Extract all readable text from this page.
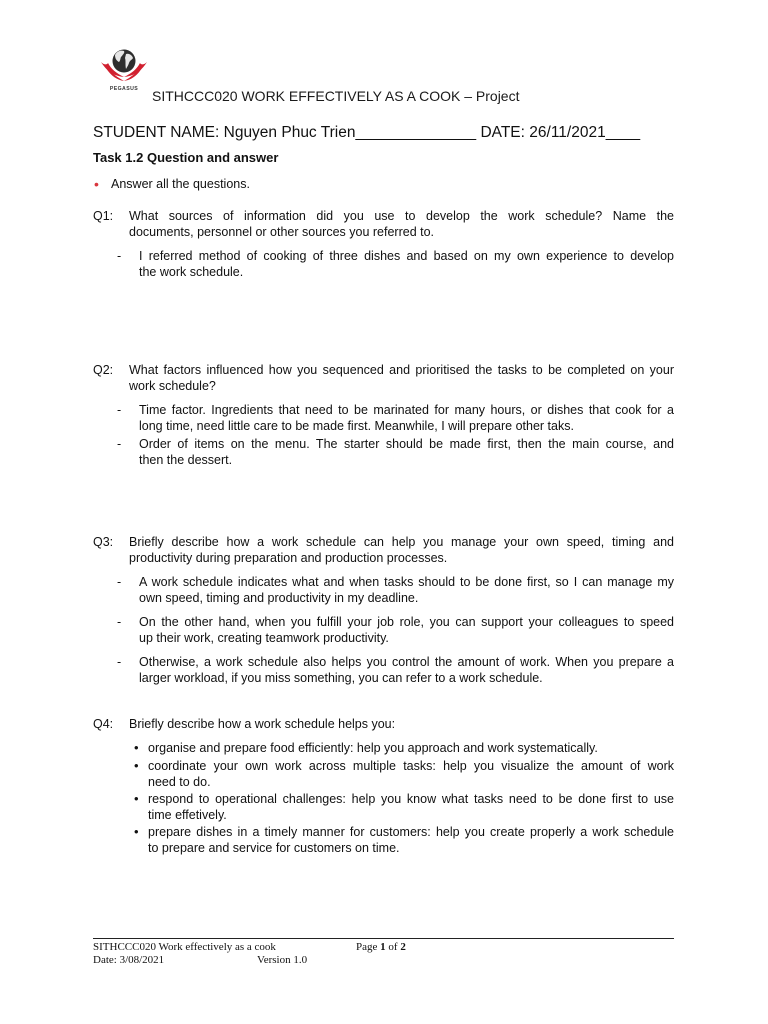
PEGASUS SITHCCC020 WORK EFFECTIVELY AS A COOK – Project
STUDENT NAME: Nguyen Phuc Trien______________ DATE: 26/11/2021____
Task 1.2 Question and answer
• Answer all the questions.
Q1: What sources of information did you use to develop the work schedule? Name the
documents, personnel or other sources you referred to.
- I referred method of cooking of three dishes and based on my own experience to develop
the work schedule.
Q2: What factors influenced how you sequenced and prioritised the tasks to be completed on your
work schedule?
- Time factor. Ingredients that need to be marinated for many hours, or dishes that cook for a
long time, need little care to be made first. Meanwhile, I will prepare other taks.
- Order of items on the menu. The starter should be made first, then the main course, and
then the dessert.
Q3: Briefly describe how a work schedule can help you manage your own speed, timing and
productivity during preparation and production processes.
- A work schedule indicates what and when tasks should to be done first, so I can manage my
own speed, timing and productivity in my deadline.
- On the other hand, when you fulfill your job role, you can support your colleagues to speed
up their work, creating teamwork productivity.
- Otherwise, a work schedule also helps you control the amount of work. When you prepare a
larger workload, if you miss something, you can refer to a work schedule.
Q4: Briefly describe how a work schedule helps you:
• organise and prepare food efficiently: help you approach and work systematically.
• coordinate your own work across multiple tasks: help you visualize the amount of work
need to do.
• respond to operational challenges: help you know what tasks need to be done first to use
time effetively.
• prepare dishes in a timely manner for customers: help you create properly a work schedule
to prepare and service for customers on time.
SITHCCC020 Work effectively as a cook	Page 1 of 2
Date: 3/08/2021	Version 1.0
